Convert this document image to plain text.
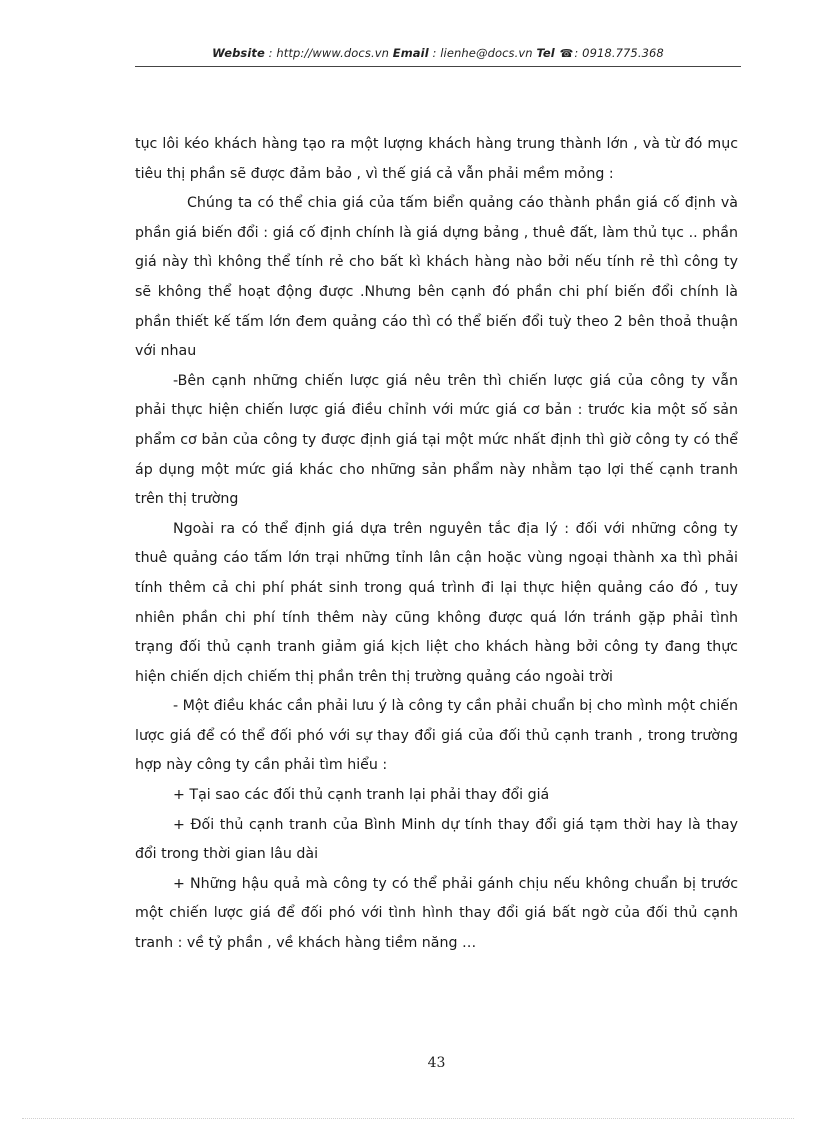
Website : http://www.docs.vn Email : lienhe@docs.vn Tel ☎: 0918.775.368

tục lôi kéo khách hàng tạo ra một lượng khách hàng trung thành lớn , và từ đó mục tiêu thị phần sẽ được đảm bảo , vì thế giá cả vẫn phải mềm mỏng :

Chúng ta có thể chia giá của tấm biển quảng cáo thành phần giá cố định và phần giá biến đổi : giá cố định chính là giá dựng bảng , thuê đất, làm thủ tục .. phần giá này thì không thể tính rẻ cho bất kì khách hàng nào bởi nếu tính rẻ thì công ty sẽ không thể hoạt động được .Nhưng bên cạnh đó phần chi phí biến đổi chính là phần thiết kế tấm lớn đem quảng cáo thì có thể biến đổi tuỳ theo 2 bên thoả thuận với nhau

-Bên cạnh những chiến lược giá nêu trên thì chiến lược giá của công ty vẫn phải thực hiện chiến lược giá điều chỉnh với mức giá cơ bản : trước kia một số sản phẩm cơ bản của công ty được định giá tại một mức nhất định thì giờ công ty có thể áp dụng một mức giá khác cho những sản phẩm này nhằm tạo lợi thế cạnh tranh trên thị trường

Ngoài ra có thể định giá dựa trên nguyên tắc địa lý : đối với những công ty thuê quảng cáo tấm lớn trại những tỉnh lân cận hoặc vùng ngoại thành xa thì phải tính thêm cả chi phí phát sinh trong quá trình đi lại thực hiện quảng cáo đó , tuy nhiên phần chi phí tính thêm này cũng không được quá lớn tránh gặp phải tình trạng đối thủ cạnh tranh giảm giá kịch liệt cho khách hàng bởi công ty đang thực hiện chiến dịch chiếm thị phần trên thị trường quảng cáo ngoài trời

- Một điều khác cần phải lưu ý là công ty cần phải chuẩn bị cho mình một chiến lược giá để có thể đối phó với sự thay đổi giá của đối thủ cạnh tranh , trong trường hợp này công ty cần phải tìm hiểu :

+ Tại sao các đối thủ cạnh tranh lại phải thay đổi giá

+ Đối thủ cạnh tranh của Bình Minh dự tính thay đổi giá tạm thời hay là thay đổi trong thời gian lâu dài

+ Những hậu quả mà công ty có thể phải gánh chịu nếu không chuẩn bị trước một chiến lược giá để đối phó với tình hình thay đổi giá bất ngờ của đối thủ cạnh tranh : về tỷ phần , về khách hàng tiềm năng …

43
